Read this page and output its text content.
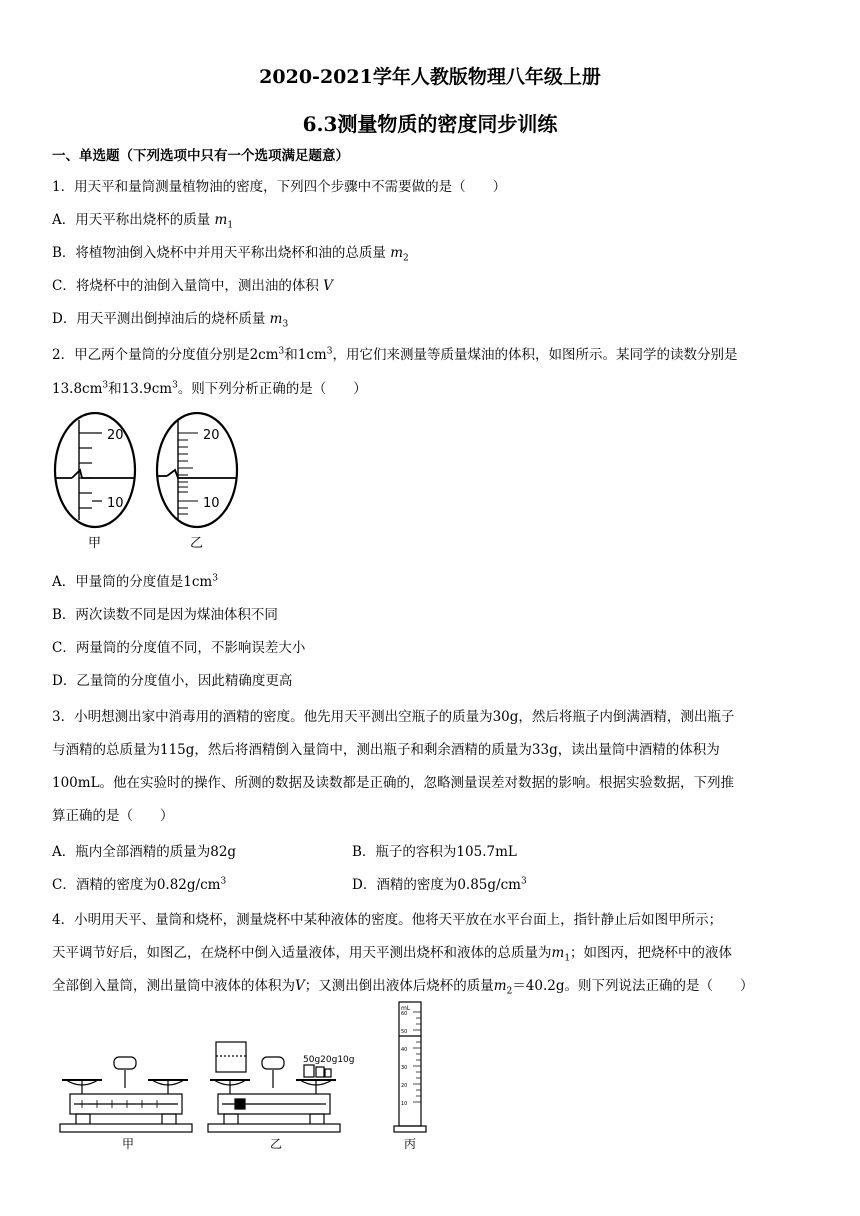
2020-2021学年人教版物理八年级上册
6.3测量物质的密度同步训练
一、单选题（下列选项中只有一个选项满足题意）
1．用天平和量筒测量植物油的密度，下列四个步骤中不需要做的是（　　）
A．用天平称出烧杯的质量 $m_1$
B．将植物油倒入烧杯中并用天平称出烧杯和油的总质量 $m_2$
C．将烧杯中的油倒入量筒中，测出油的体积 V
D．用天平测出倒掉油后的烧杯质量 $m_3$
2．甲乙两个量筒的分度值分别是$2cm^3$和$1cm^3$，用它们来测量等质量煤油的体积，如图所示。某同学的读数分别是
$13.8cm^3$和$13.9cm^3$。则下列分析正确的是（　　）
20
10
甲
20
10
乙
A．甲量筒的分度值是$1cm^3$
B．两次读数不同是因为煤油体积不同
C．两量筒的分度值不同，不影响误差大小
D．乙量筒的分度值小，因此精确度更高
3．小明想测出家中消毒用的酒精的密度。他先用天平测出空瓶子的质量为30g，然后将瓶子内倒满酒精，测出瓶子
与酒精的总质量为115g，然后将酒精倒入量筒中，测出瓶子和剩余酒精的质量为33g，读出量筒中酒精的体积为
100mL。他在实验时的操作、所测的数据及读数都是正确的，忽略测量误差对数据的影响。根据实验数据，下列推
算正确的是（　　）
A．瓶内全部酒精的质量为82g	B．瓶子的容积为105.7mL
C．酒精的密度为$0.82g/cm^3$	D．酒精的密度为$0.85g/cm^3$
4．小明用天平、量筒和烧杯，测量烧杯中某种液体的密度。他将天平放在水平台面上，指针静止后如图甲所示；
天平调节好后，如图乙，在烧杯中倒入适量液体，用天平测出烧杯和液体的总质量为$m_1$；如图丙，把烧杯中的液体
全部倒入量筒，测出量筒中液体的体积为V；又测出倒出液体后烧杯的质量$m_2=40.2g$。则下列说法正确的是（　　）
甲
50g20g10g
乙
mL
60
50
40
30
20
10
丙
